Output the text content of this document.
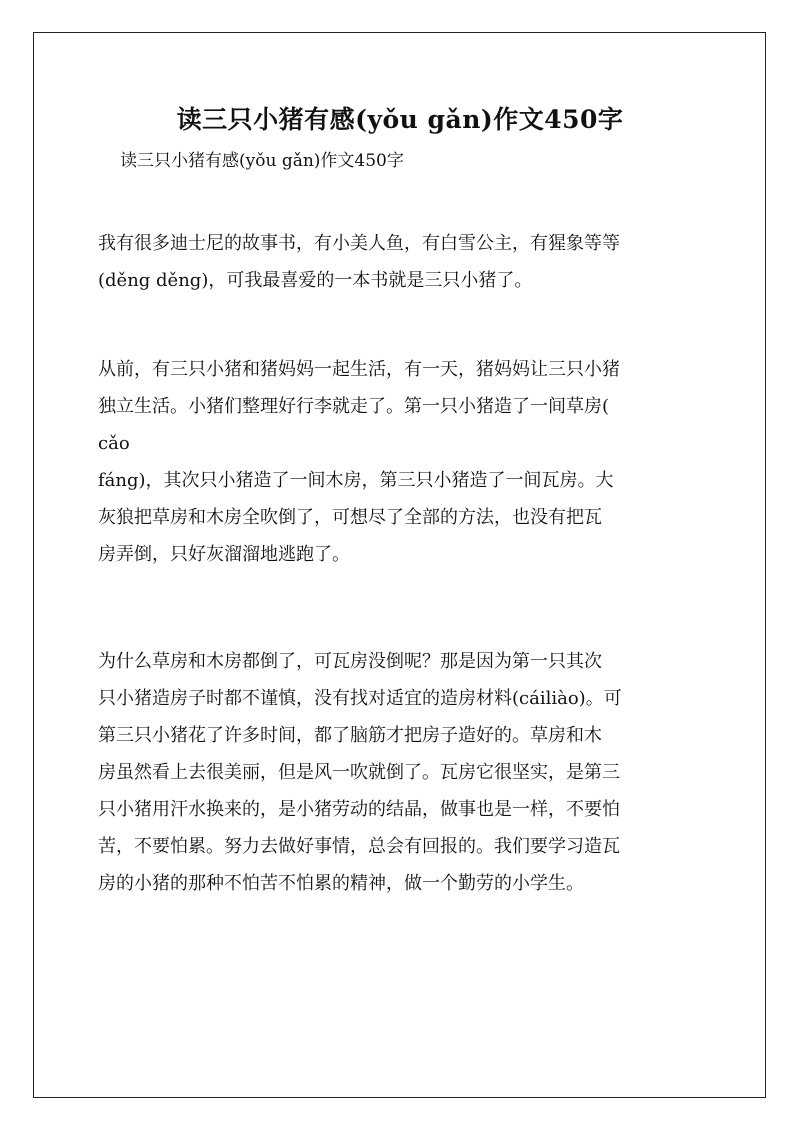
读三只小猪有感(yǒu gǎn)作文450字
读三只小猪有感(yǒu gǎn)作文450字
我有很多迪士尼的故事书，有小美人鱼，有白雪公主，有猩象等等
(děng děng)，可我最喜爱的一本书就是三只小猪了。
从前，有三只小猪和猪妈妈一起生活，有一天，猪妈妈让三只小猪
独立生活。小猪们整理好行李就走了。第一只小猪造了一间草房(
cǎo
fáng)，其次只小猪造了一间木房，第三只小猪造了一间瓦房。大
灰狼把草房和木房全吹倒了，可想尽了全部的方法，也没有把瓦
房弄倒，只好灰溜溜地逃跑了。
为什么草房和木房都倒了，可瓦房没倒呢？那是因为第一只其次
只小猪造房子时都不谨慎，没有找对适宜的造房材料(cáiliào)。可
第三只小猪花了许多时间，都了脑筋才把房子造好的。草房和木
房虽然看上去很美丽，但是风一吹就倒了。瓦房它很坚实，是第三
只小猪用汗水换来的，是小猪劳动的结晶，做事也是一样，不要怕
苦，不要怕累。努力去做好事情，总会有回报的。我们要学习造瓦
房的小猪的那种不怕苦不怕累的精神，做一个勤劳的小学生。
